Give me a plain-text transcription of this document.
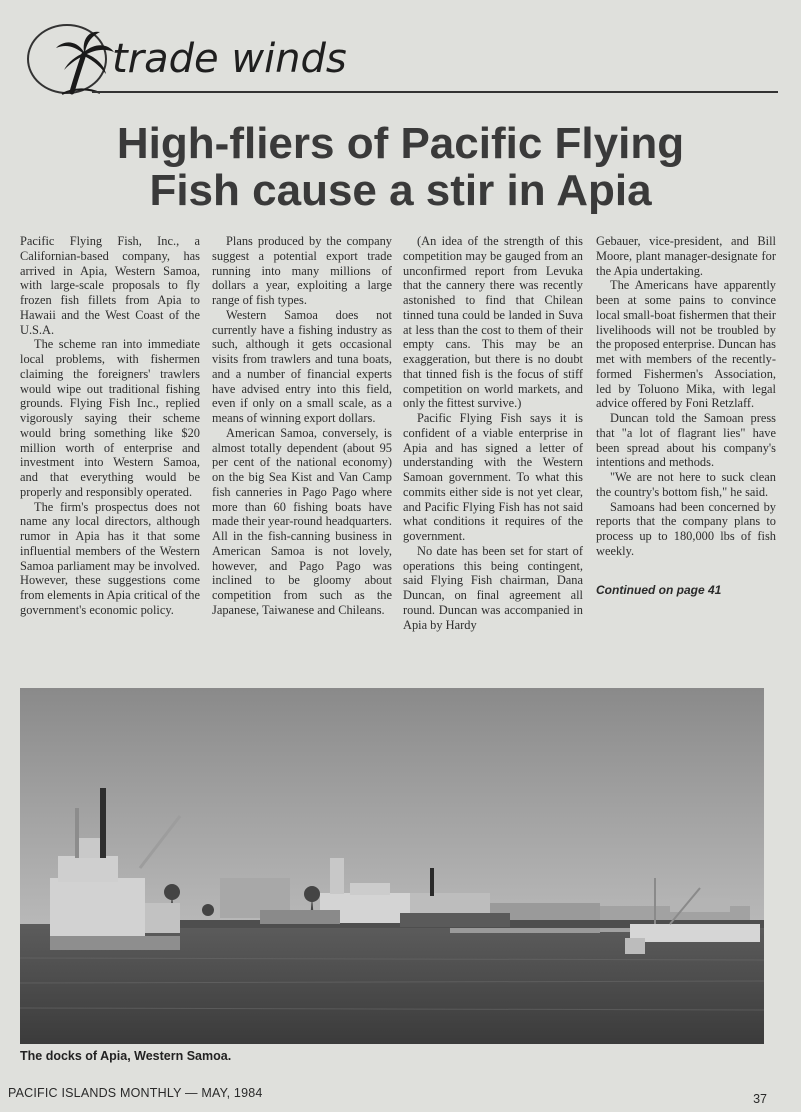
trade winds
High-fliers of Pacific Flying
Fish cause a stir in Apia

Pacific Flying Fish, Inc., a Californian-based company, has arrived in Apia, Western Samoa, with large-scale proposals to fly frozen fish fillets from Apia to Hawaii and the West Coast of the U.S.A.

The scheme ran into immediate local problems, with fishermen claiming the foreigners' trawlers would wipe out traditional fishing grounds. Flying Fish Inc., replied vigorously saying their scheme would bring something like $20 million worth of enterprise and investment into Western Samoa, and that everything would be properly and responsibly operated.

The firm's prospectus does not name any local directors, although rumor in Apia has it that some influential members of the Western Samoa parliament may be involved. However, these suggestions come from elements in Apia critical of the government's economic policy.

Plans produced by the company suggest a potential export trade running into many millions of dollars a year, exploiting a large range of fish types.

Western Samoa does not currently have a fishing industry as such, although it gets occasional visits from trawlers and tuna boats, and a number of financial experts have advised entry into this field, even if only on a small scale, as a means of winning export dollars.

American Samoa, conversely, is almost totally dependent (about 95 per cent of the national economy) on the big Sea Kist and Van Camp fish canneries in Pago Pago where more than 60 fishing boats have made their year-round headquarters. All in the fish-canning business in American Samoa is not lovely, however, and Pago Pago was inclined to be gloomy about competition from such as the Japanese, Taiwanese and Chileans.

(An idea of the strength of this competition may be gauged from an unconfirmed report from Levuka that the cannery there was recently astonished to find that Chilean tinned tuna could be landed in Suva at less than the cost to them of their empty cans. This may be an exaggeration, but there is no doubt that tinned fish is the focus of stiff competition on world markets, and only the fittest survive.)

Pacific Flying Fish says it is confident of a viable enterprise in Apia and has signed a letter of understanding with the Western Samoan government. To what this commits either side is not yet clear, and Pacific Flying Fish has not said what conditions it requires of the government.

No date has been set for start of operations this being contingent, said Flying Fish chairman, Dana Duncan, on final agreement all round. Duncan was accompanied in Apia by Hardy

Gebauer, vice-president, and Bill Moore, plant manager-designate for the Apia undertaking.

The Americans have apparently been at some pains to convince local small-boat fishermen that their livelihoods will not be troubled by the proposed enterprise. Duncan has met with members of the recently-formed Fishermen's Association, led by Toluono Mika, with legal advice offered by Foni Retzlaff.

Duncan told the Samoan press that "a lot of flagrant lies" have been spread about his company's intentions and methods.

"We are not here to suck clean the country's bottom fish," he said.

Samoans had been concerned by reports that the company plans to process up to 180,000 lbs of fish weekly.

Continued on page 41
The docks of Apia, Western Samoa.
PACIFIC ISLANDS MONTHLY — MAY, 1984	37
